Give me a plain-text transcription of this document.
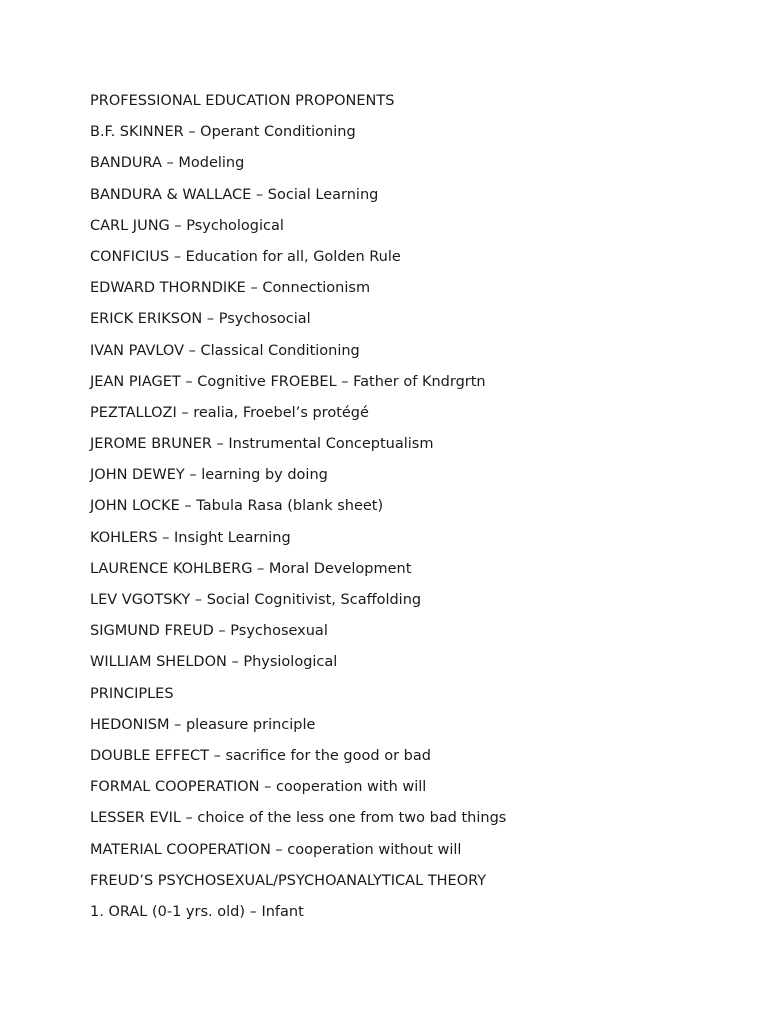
PROFESSIONAL EDUCATION PROPONENTS
B.F. SKINNER – Operant Conditioning
BANDURA – Modeling
BANDURA & WALLACE – Social Learning
CARL JUNG – Psychological
CONFICIUS – Education for all, Golden Rule
EDWARD THORNDIKE – Connectionism
ERICK ERIKSON – Psychosocial
IVAN PAVLOV – Classical Conditioning
JEAN PIAGET – Cognitive FROEBEL – Father of Kndrgrtn
PEZTALLOZI – realia, Froebel’s protégé
JEROME BRUNER – Instrumental Conceptualism
JOHN DEWEY – learning by doing
JOHN LOCKE – Tabula Rasa (blank sheet)
KOHLERS – Insight Learning
LAURENCE KOHLBERG – Moral Development
LEV VGOTSKY – Social Cognitivist, Scaffolding
SIGMUND FREUD – Psychosexual
WILLIAM SHELDON – Physiological
PRINCIPLES
HEDONISM – pleasure principle
DOUBLE EFFECT – sacrifice for the good or bad
FORMAL COOPERATION – cooperation with will
LESSER EVIL – choice of the less one from two bad things
MATERIAL COOPERATION – cooperation without will
FREUD’S PSYCHOSEXUAL/PSYCHOANALYTICAL THEORY
1. ORAL (0-1 yrs. old) – Infant
